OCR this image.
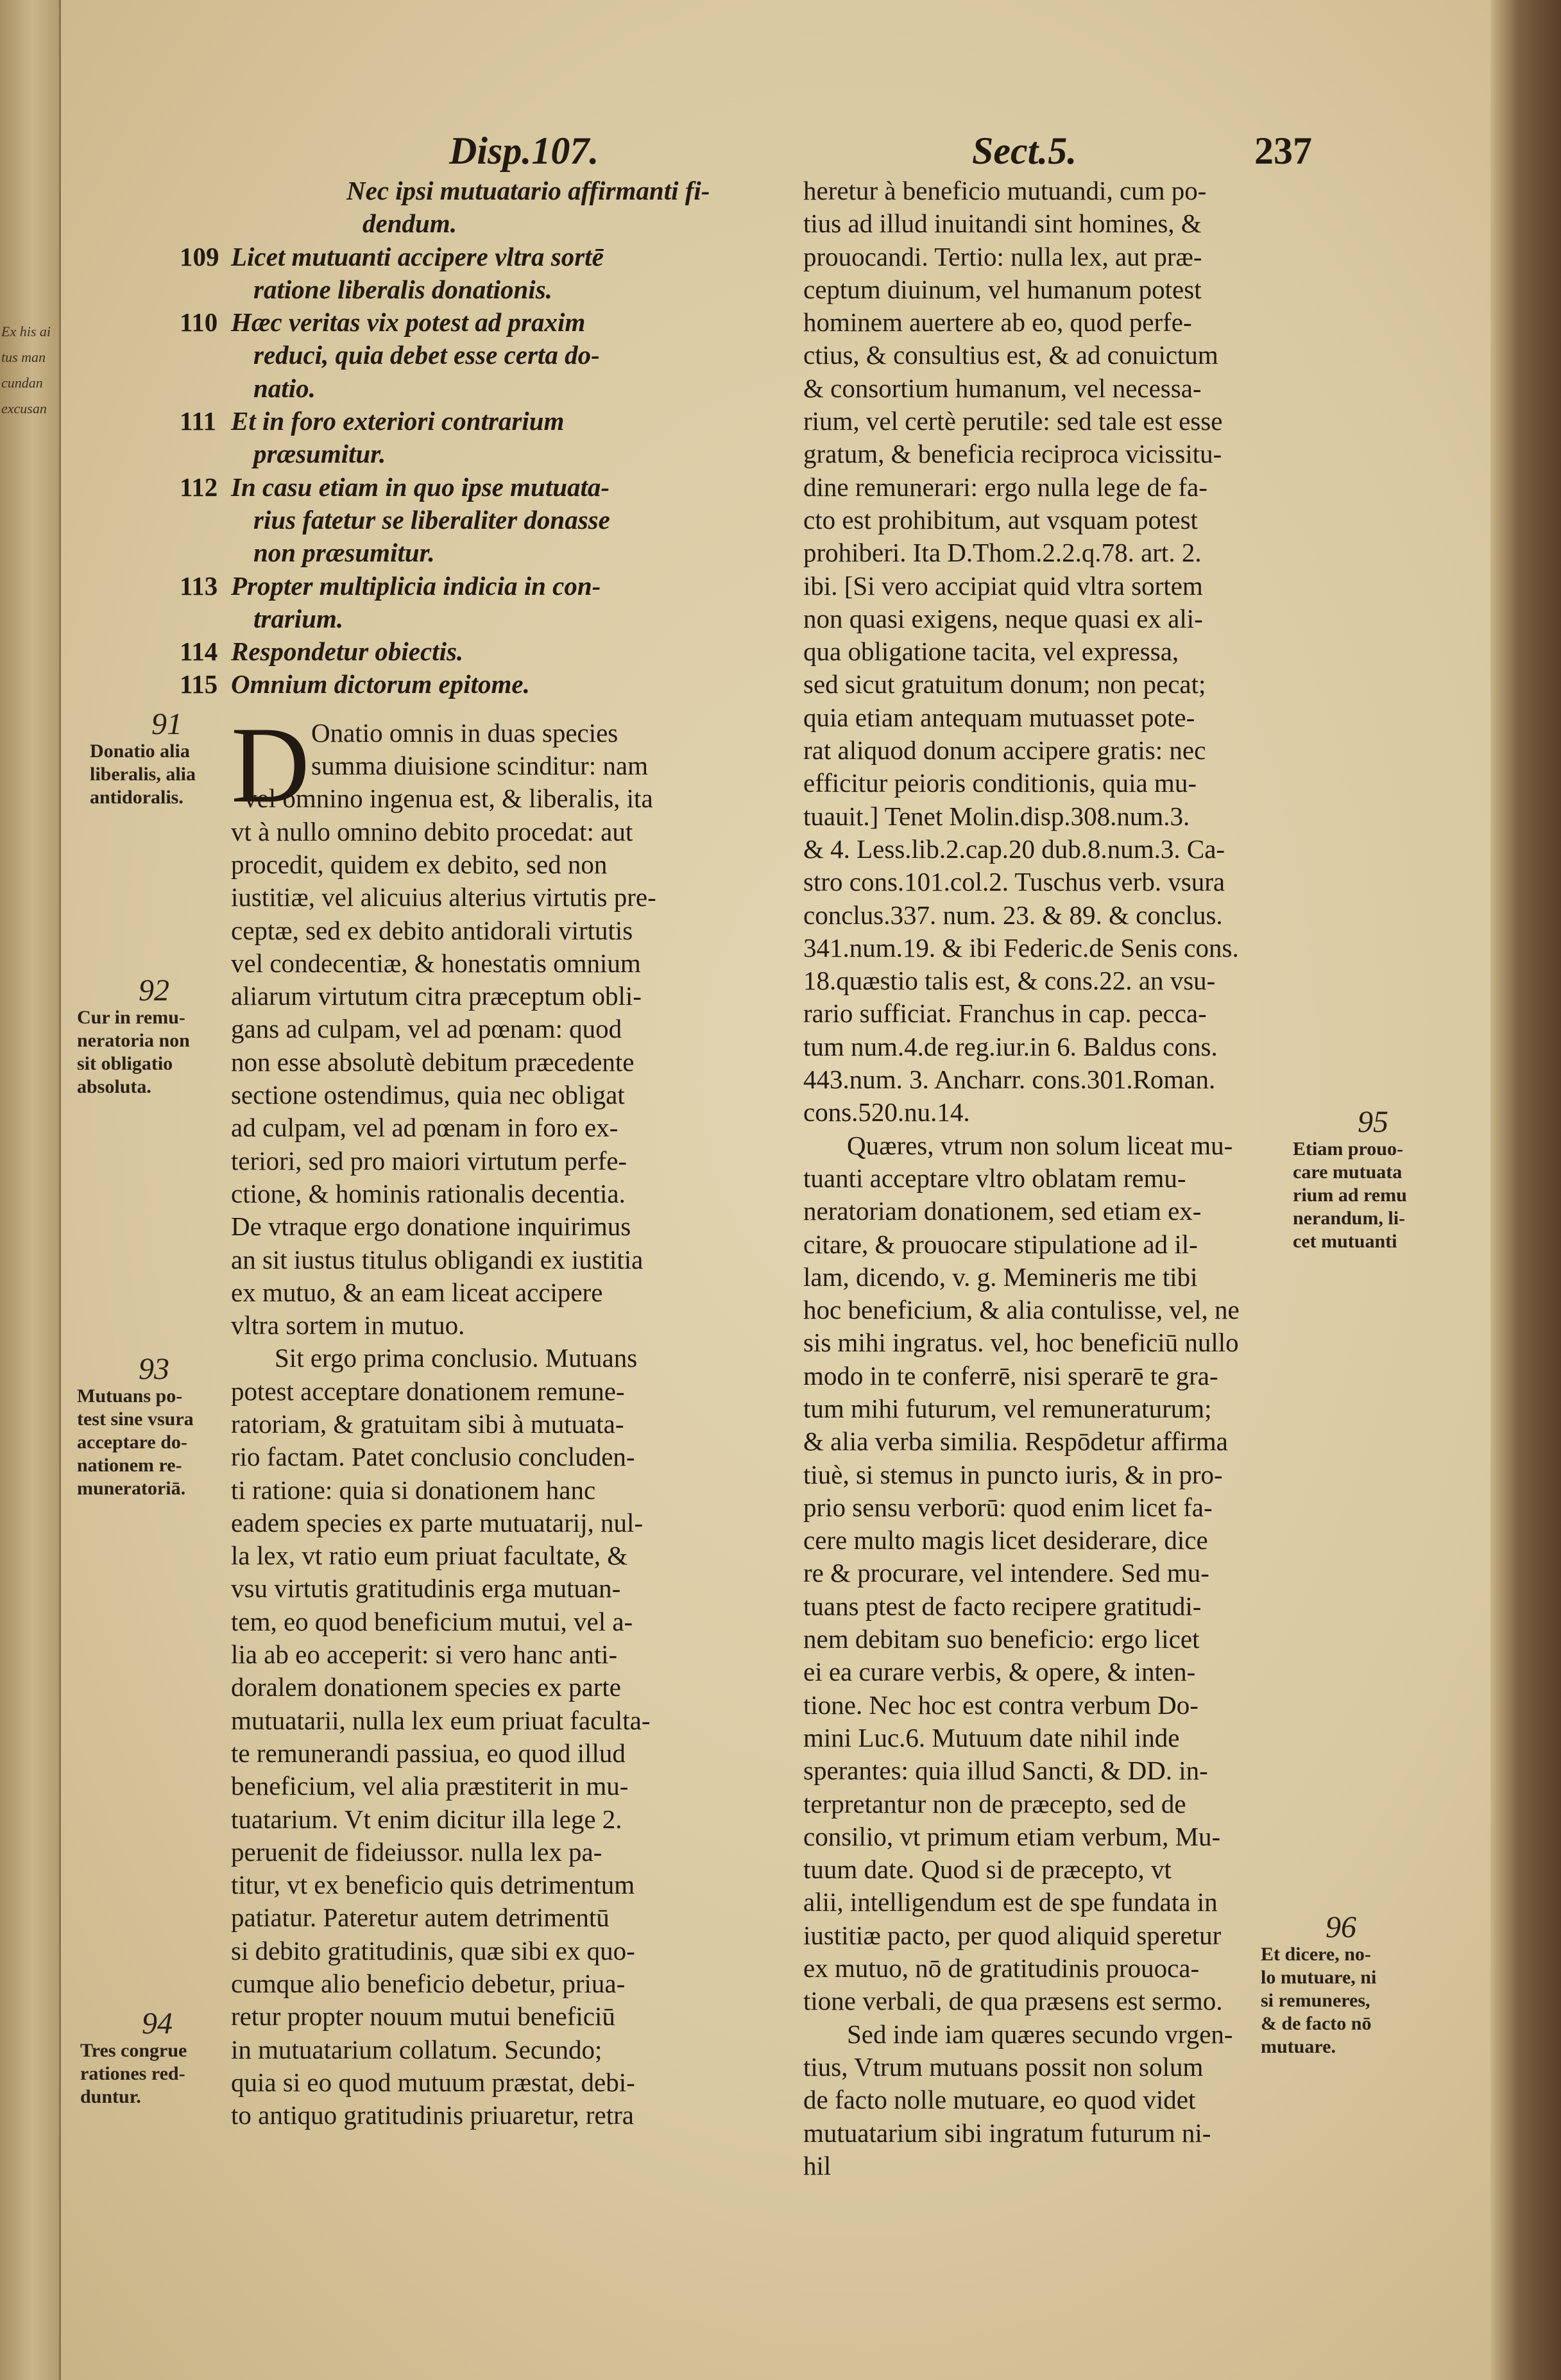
Ex his ai
tus man
cundan
excusan
Disp.107.	Sect.5.	237
Nec ipsi mutuatario affirmanti fi-
dendum.
109 Licet mutuanti accipere vltra sortē
ratione liberalis donationis.
110 Hæc veritas vix potest ad praxim
reduci, quia debet esse certa do-
natio.
111 Et in foro exteriori contrarium
præsumitur.
112 In casu etiam in quo ipse mutuata-
rius fatetur se liberaliter donasse
non præsumitur.
113 Propter multiplicia indicia in con-
trarium.
114 Respondetur obiectis.
115 Omnium dictorum epitome.
D Onatio omnis in duas species
summa diuisione scinditur: nam
vel omnino ingenua est, & liberalis, ita
vt à nullo omnino debito procedat: aut
procedit, quidem ex debito, sed non
iustitiæ, vel alicuius alterius virtutis pre-
ceptæ, sed ex debito antidorali virtutis
vel condecentiæ, & honestatis omnium
aliarum virtutum citra præceptum obli-
gans ad culpam, vel ad pœnam: quod
non esse absolutè debitum præcedente
sectione ostendimus, quia nec obligat
ad culpam, vel ad pœnam in foro ex-
teriori, sed pro maiori virtutum perfe-
ctione, & hominis rationalis decentia.
De vtraque ergo donatione inquirimus
an sit iustus titulus obligandi ex iustitia
ex mutuo, & an eam liceat accipere
vltra sortem in mutuo.
Sit ergo prima conclusio. Mutuans
potest acceptare donationem remune-
ratoriam, & gratuitam sibi à mutuata-
rio factam. Patet conclusio concluden-
ti ratione: quia si donationem hanc
eadem species ex parte mutuatarij, nul-
la lex, vt ratio eum priuat facultate, &
vsu virtutis gratitudinis erga mutuan-
tem, eo quod beneficium mutui, vel a-
lia ab eo acceperit: si vero hanc anti-
doralem donationem species ex parte
mutuatarii, nulla lex eum priuat faculta-
te remunerandi passiua, eo quod illud
beneficium, vel alia præstiterit in mu-
tuatarium. Vt enim dicitur illa lege 2.
peruenit de fideiussor. nulla lex pa-
titur, vt ex beneficio quis detrimentum
patiatur. Pateretur autem detrimentū
si debito gratitudinis, quæ sibi ex quo-
cumque alio beneficio debetur, priua-
retur propter nouum mutui beneficiū
in mutuatarium collatum. Secundo;
quia si eo quod mutuum præstat, debi-
to antiquo gratitudinis priuaretur, retra
heretur à beneficio mutuandi, cum po-
tius ad illud inuitandi sint homines, &
prouocandi. Tertio: nulla lex, aut præ-
ceptum diuinum, vel humanum potest
hominem auertere ab eo, quod perfe-
ctius, & consultius est, & ad conuictum
& consortium humanum, vel necessa-
rium, vel certè perutile: sed tale est esse
gratum, & beneficia reciproca vicissitu-
dine remunerari: ergo nulla lege de fa-
cto est prohibitum, aut vsquam potest
prohiberi. Ita D.Thom.2.2.q.78. art. 2.
ibi. [Si vero accipiat quid vltra sortem
non quasi exigens, neque quasi ex ali-
qua obligatione tacita, vel expressa,
sed sicut gratuitum donum; non pecat;
quia etiam antequam mutuasset pote-
rat aliquod donum accipere gratis: nec
efficitur peioris conditionis, quia mu-
tuauit.] Tenet Molin.disp.308.num.3.
& 4. Less.lib.2.cap.20 dub.8.num.3. Ca-
stro cons.101.col.2. Tuschus verb. vsura
conclus.337. num. 23. & 89. & conclus.
341.num.19. & ibi Federic.de Senis cons.
18.quæstio talis est, & cons.22. an vsu-
rario sufficiat. Franchus in cap. pecca-
tum num.4.de reg.iur.in 6. Baldus cons.
443.num. 3. Ancharr. cons.301.Roman.
cons.520.nu.14.
Quæres, vtrum non solum liceat mu-
tuanti acceptare vltro oblatam remu-
neratoriam donationem, sed etiam ex-
citare, & prouocare stipulatione ad il-
lam, dicendo, v. g. Memineris me tibi
hoc beneficium, & alia contulisse, vel, ne
sis mihi ingratus. vel, hoc beneficiū nullo
modo in te conferrē, nisi sperarē te gra-
tum mihi futurum, vel remuneraturum;
& alia verba similia. Respōdetur affirma
tiuè, si stemus in puncto iuris, & in pro-
prio sensu verborū: quod enim licet fa-
cere multo magis licet desiderare, dice
re & procurare, vel intendere. Sed mu-
tuans ptest de facto recipere gratitudi-
nem debitam suo beneficio: ergo licet
ei ea curare verbis, & opere, & inten-
tione. Nec hoc est contra verbum Do-
mini Luc.6. Mutuum date nihil inde
sperantes: quia illud Sancti, & DD. in-
terpretantur non de præcepto, sed de
consilio, vt primum etiam verbum, Mu-
tuum date. Quod si de præcepto, vt
alii, intelligendum est de spe fundata in
iustitiæ pacto, per quod aliquid speretur
ex mutuo, nō de gratitudinis prouoca-
tione verbali, de qua præsens est sermo.
Sed inde iam quæres secundo vrgen-
tius, Vtrum mutuans possit non solum
de facto nolle mutuare, eo quod videt
mutuatarium sibi ingratum futurum ni-
hil
91
Donatio alia
liberalis, alia
antidoralis.
92
Cur in remu-
neratoria non
sit obligatio
absoluta.
93
Mutuans po-
test sine vsura
acceptare do-
nationem re-
muneratoriā.
94
Tres congrue
rationes red-
duntur.
95
Etiam prouo-
care mutuata
rium ad remu
nerandum, li-
cet mutuanti
96
Et dicere, no-
lo mutuare, ni
si remuneres,
& de facto nō
mutuare.
